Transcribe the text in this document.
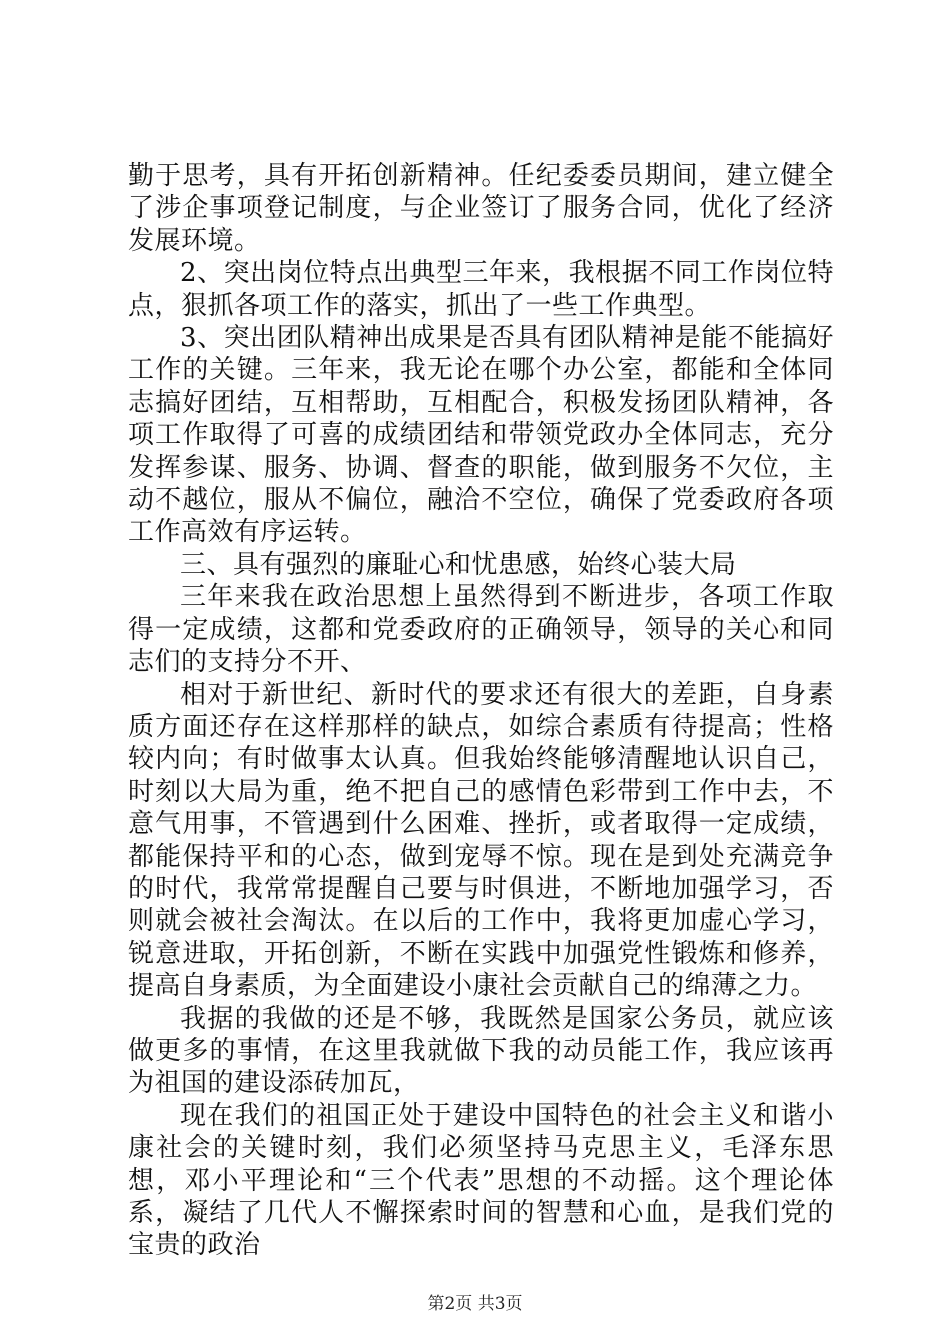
勤于思考，具有开拓创新精神。任纪委委员期间，建立健全了涉企事项登记制度，与企业签订了服务合同，优化了经济发展环境。

2、突出岗位特点出典型三年来，我根据不同工作岗位特点，狠抓各项工作的落实，抓出了一些工作典型。

3、突出团队精神出成果是否具有团队精神是能不能搞好工作的关键。三年来，我无论在哪个办公室，都能和全体同志搞好团结，互相帮助，互相配合，积极发扬团队精神，各项工作取得了可喜的成绩团结和带领党政办全体同志，充分发挥参谋、服务、协调、督查的职能，做到服务不欠位，主动不越位，服从不偏位，融洽不空位，确保了党委政府各项工作高效有序运转。

三、具有强烈的廉耻心和忧患感，始终心装大局

三年来我在政治思想上虽然得到不断进步，各项工作取得一定成绩，这都和党委政府的正确领导，领导的关心和同志们的支持分不开、

相对于新世纪、新时代的要求还有很大的差距，自身素质方面还存在这样那样的缺点，如综合素质有待提高；性格较内向；有时做事太认真。但我始终能够清醒地认识自己，时刻以大局为重，绝不把自己的感情色彩带到工作中去，不意气用事，不管遇到什么困难、挫折，或者取得一定成绩，都能保持平和的心态，做到宠辱不惊。现在是到处充满竞争的时代，我常常提醒自己要与时俱进，不断地加强学习，否则就会被社会淘汰。在以后的工作中，我将更加虚心学习，锐意进取，开拓创新，不断在实践中加强党性锻炼和修养，提高自身素质，为全面建设小康社会贡献自己的绵薄之力。

我据的我做的还是不够，我既然是国家公务员，就应该做更多的事情，在这里我就做下我的动员能工作，我应该再为祖国的建设添砖加瓦，

现在我们的祖国正处于建设中国特色的社会主义和谐小康社会的关键时刻，我们必须坚持马克思主义，毛泽东思想，邓小平理论和“三个代表”思想的不动摇。这个理论体系，凝结了几代人不懈探索时间的智慧和心血，是我们党的宝贵的政治

第2页 共3页
